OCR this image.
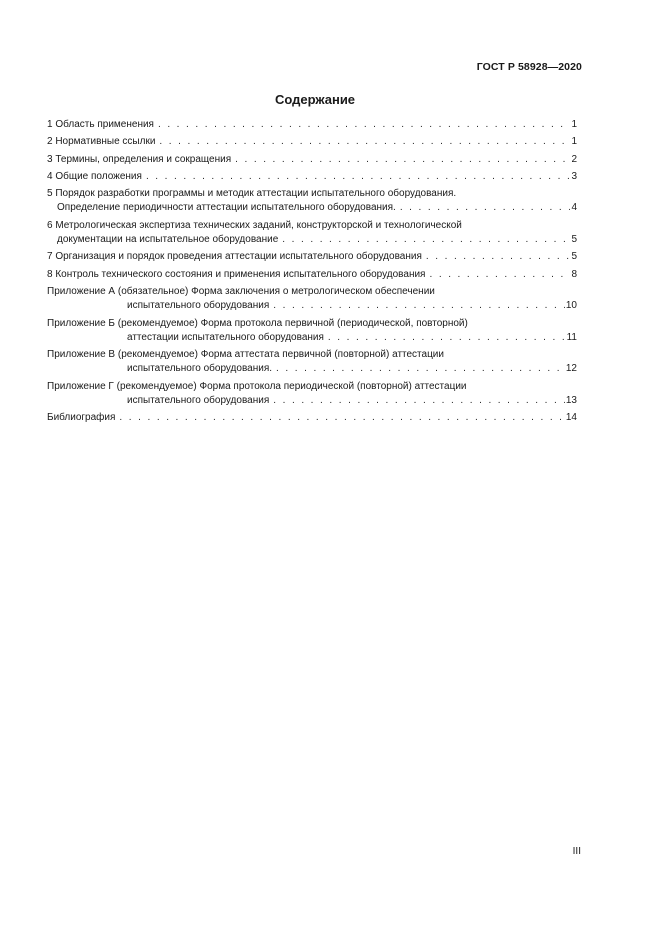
ГОСТ Р 58928—2020
Содержание
1 Область применения . . .	1
2 Нормативные ссылки . . .	1
3 Термины, определения и сокращения . . .	2
4 Общие положения . . .	3
5 Порядок разработки программы и методик аттестации испытательного оборудования.
Определение периодичности аттестации испытательного оборудования. . . .	4
6 Метрологическая экспертиза технических заданий, конструкторской и технологической
документации на испытательное оборудование . . .	5
7 Организация и порядок проведения аттестации испытательного оборудования . . .	5
8 Контроль технического состояния и применения испытательного оборудования . . .	8
Приложение А (обязательное) Форма заключения о метрологическом обеспечении
испытательного оборудования . . .	10
Приложение Б (рекомендуемое) Форма протокола первичной (периодической, повторной)
аттестации испытательного оборудования . . .	11
Приложение В (рекомендуемое) Форма аттестата первичной (повторной) аттестации
испытательного оборудования. . . .	12
Приложение Г (рекомендуемое) Форма протокола периодической (повторной) аттестации
испытательного оборудования . . .	13
Библиография . . .	14
III
